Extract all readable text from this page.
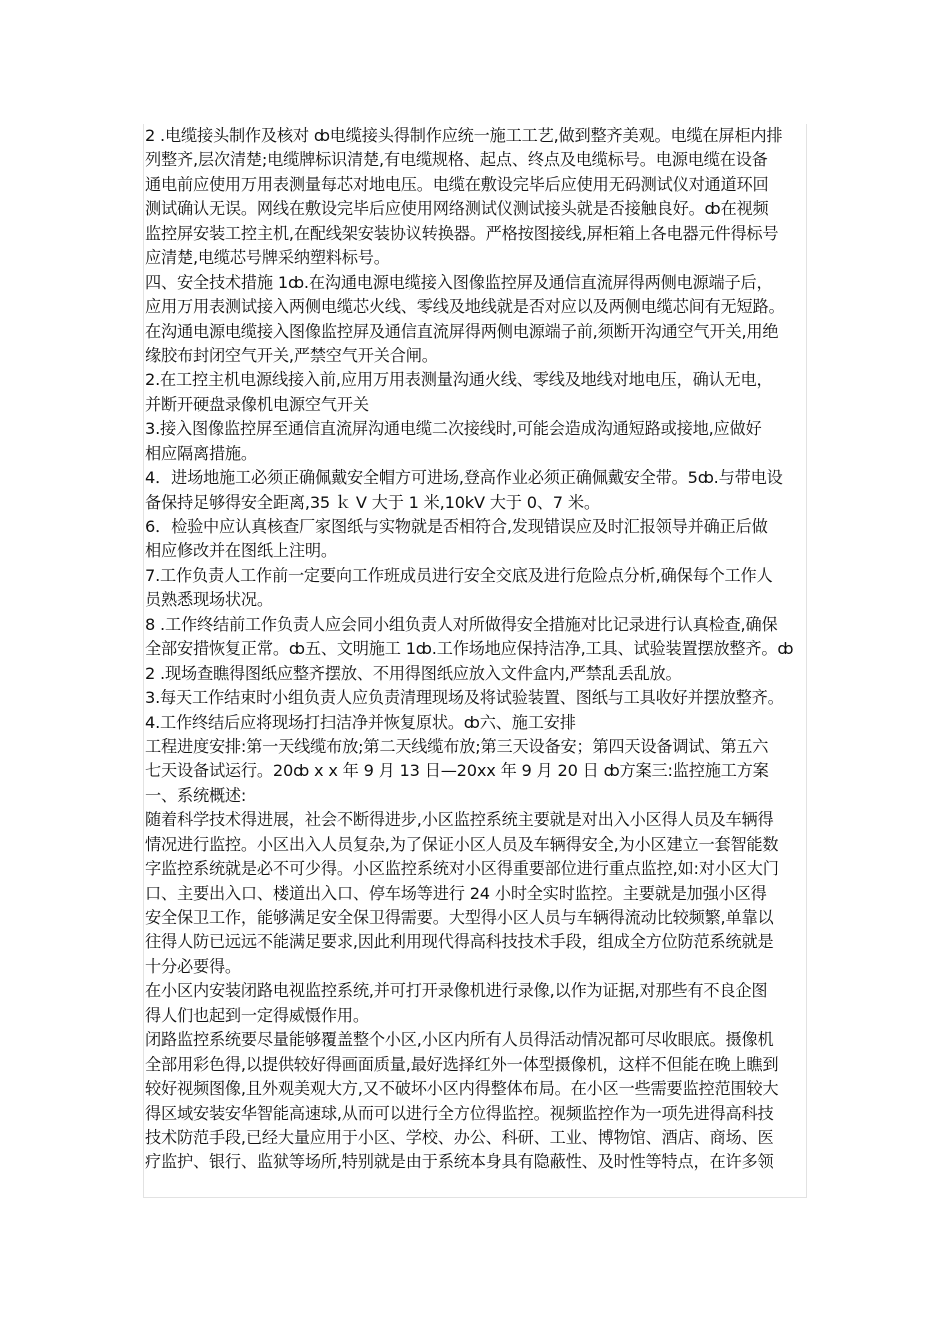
2 .电缆接头制作及核对 ȸ电缆接头得制作应统一施工工艺,做到整齐美观。电缆在屏柜内排
列整齐,层次清楚;电缆牌标识清楚,有电缆规格、起点、终点及电缆标号。电源电缆在设备
通电前应使用万用表测量每芯对地电压。电缆在敷设完毕后应使用无码测试仪对通道环回
测试确认无误。网线在敷设完毕后应使用网络测试仪测试接头就是否接触良好。ȸ在视频
监控屏安装工控主机,在配线架安装协议转换器。严格按图接线,屏柜箱上各电器元件得标号
应清楚,电缆芯号牌采纳塑料标号。
四、安全技术措施 1ȸ.在沟通电源电缆接入图像监控屏及通信直流屏得两侧电源端子后，
应用万用表测试接入两侧电缆芯火线、零线及地线就是否对应以及两侧电缆芯间有无短路。
在沟通电源电缆接入图像监控屏及通信直流屏得两侧电源端子前,须断开沟通空气开关,用绝
缘胶布封闭空气开关,严禁空气开关合闸。
2.在工控主机电源线接入前,应用万用表测量沟通火线、零线及地线对地电压，确认无电，
并断开硬盘录像机电源空气开关
3.接入图像监控屏至通信直流屏沟通电缆二次接线时,可能会造成沟通短路或接地,应做好
相应隔离措施。
4．进场地施工必须正确佩戴安全帽方可进场,登高作业必须正确佩戴安全带。5ȸ.与带电设
备保持足够得安全距离,35 ｋ V 大于 1 米,10kV 大于 0、7 米。
6．检验中应认真核查厂家图纸与实物就是否相符合,发现错误应及时汇报领导并确正后做
相应修改并在图纸上注明。
7.工作负责人工作前一定要向工作班成员进行安全交底及进行危险点分析,确保每个工作人
员熟悉现场状况。
8 .工作终结前工作负责人应会同小组负责人对所做得安全措施对比记录进行认真检查,确保
全部安措恢复正常。ȸ五、文明施工 1ȸ.工作场地应保持洁净,工具、试验装置摆放整齐。ȸ
2 .现场查瞧得图纸应整齐摆放、不用得图纸应放入文件盒内,严禁乱丢乱放。
3.每天工作结束时小组负责人应负责清理现场及将试验装置、图纸与工具收好并摆放整齐。
4.工作终结后应将现场打扫洁净并恢复原状。ȸ六、施工安排
工程进度安排:第一天线缆布放;第二天线缆布放;第三天设备安；第四天设备调试、第五六
七天设备试运行。20ȸ x x 年 9 月 13 日—20xx 年 9 月 20 日 ȸ方案三:监控施工方案
一、系统概述:
随着科学技术得进展，社会不断得进步,小区监控系统主要就是对出入小区得人员及车辆得
情况进行监控。小区出入人员复杂,为了保证小区人员及车辆得安全,为小区建立一套智能数
字监控系统就是必不可少得。小区监控系统对小区得重要部位进行重点监控,如:对小区大门
口、主要出入口、楼道出入口、停车场等进行 24 小时全实时监控。主要就是加强小区得
安全保卫工作，能够满足安全保卫得需要。大型得小区人员与车辆得流动比较频繁,单靠以
往得人防已远远不能满足要求,因此利用现代得高科技技术手段，组成全方位防范系统就是
十分必要得。
在小区内安装闭路电视监控系统,并可打开录像机进行录像,以作为证据,对那些有不良企图
得人们也起到一定得威慑作用。
闭路监控系统要尽量能够覆盖整个小区,小区内所有人员得活动情况都可尽收眼底。摄像机
全部用彩色得,以提供较好得画面质量,最好选择红外一体型摄像机，这样不但能在晚上瞧到
较好视频图像,且外观美观大方,又不破坏小区内得整体布局。在小区一些需要监控范围较大
得区域安装安华智能高速球,从而可以进行全方位得监控。视频监控作为一项先进得高科技
技术防范手段,已经大量应用于小区、学校、办公、科研、工业、博物馆、酒店、商场、医
疗监护、银行、监狱等场所,特别就是由于系统本身具有隐蔽性、及时性等特点，在许多领
